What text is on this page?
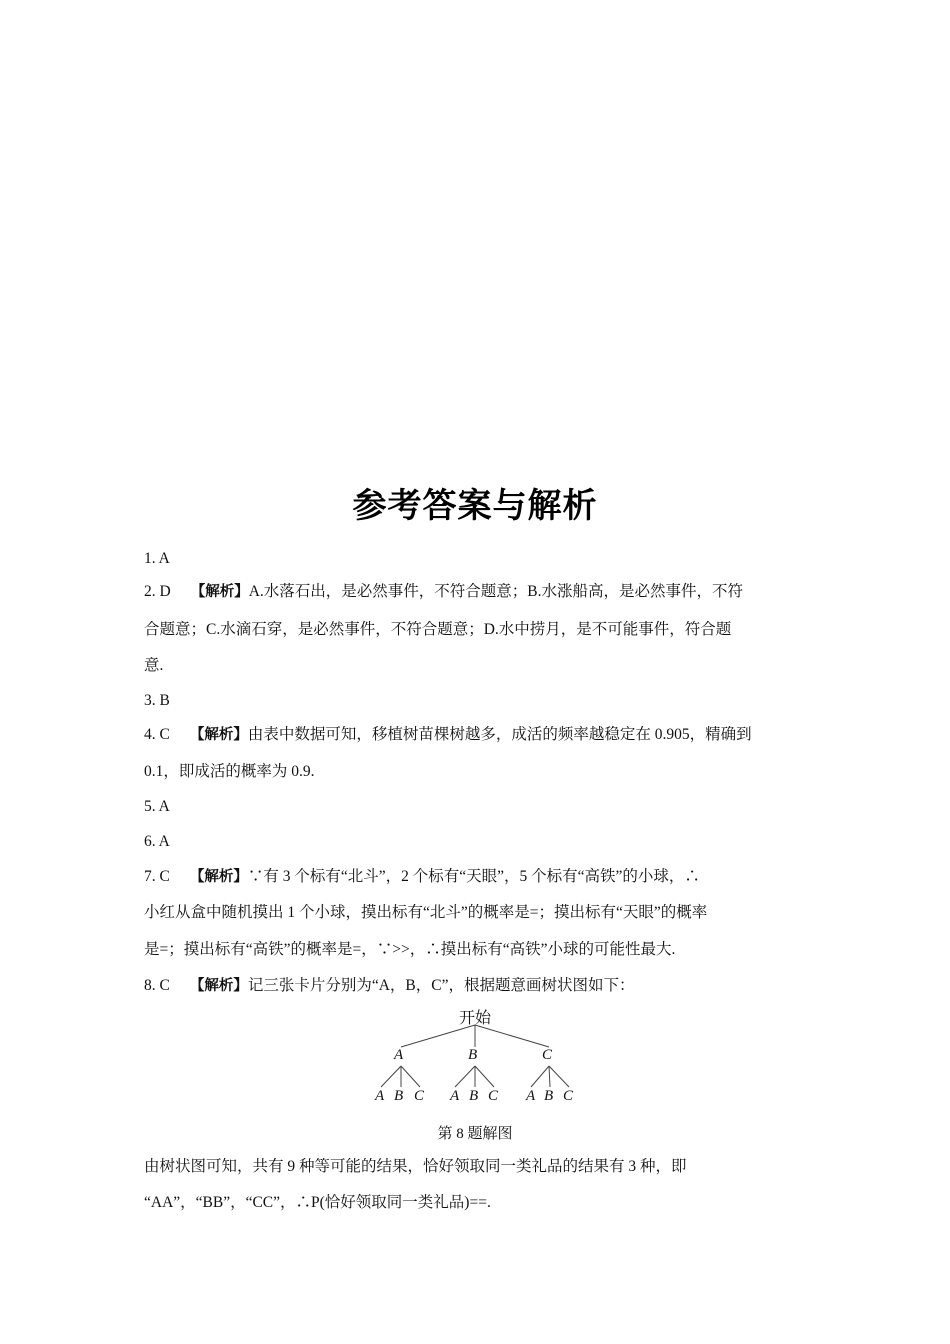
参考答案与解析
1. A
2. D 【解析】A.水落石出，是必然事件，不符合题意；B.水涨船高，是必然事件，不符
合题意；C.水滴石穿，是必然事件，不符合题意；D.水中捞月，是不可能事件，符合题
意.
3. B
4. C 【解析】由表中数据可知，移植树苗棵树越多，成活的频率越稳定在 0.905，精确到
0.1，即成活的概率为 0.9.
5. A
6. A
7. C 【解析】∵有 3 个标有“北斗”，2 个标有“天眼”，5 个标有“高铁”的小球，∴
小红从盒中随机摸出 1 个小球，摸出标有“北斗”的概率是=；摸出标有“天眼”的概率
是=；摸出标有“高铁”的概率是=，∵>>，∴摸出标有“高铁”小球的可能性最大.
8. C 【解析】记三张卡片分别为“A，B，C”，根据题意画树状图如下：
开始
A	B	C
A B C A B C A B C
第 8 题解图
由树状图可知，共有 9 种等可能的结果，恰好领取同一类礼品的结果有 3 种，即
“AA”，“BB”，“CC”，∴P(恰好领取同一类礼品)==.
